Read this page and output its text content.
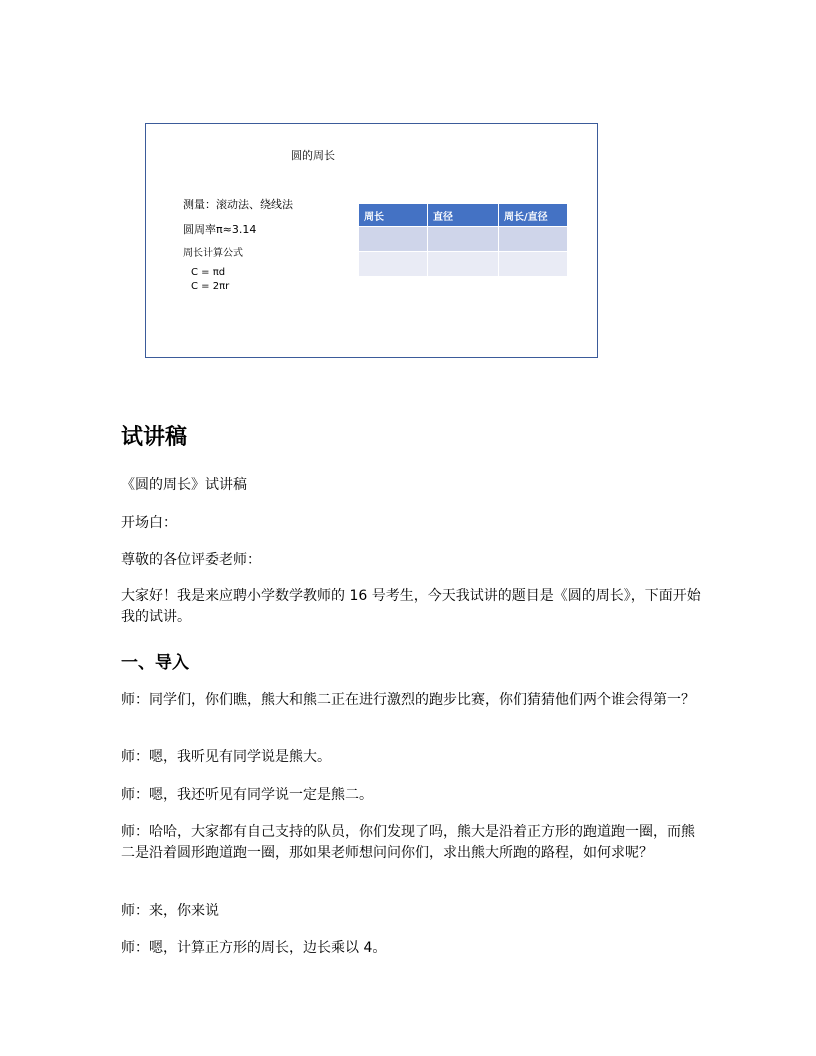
圆的周长
测量：滚动法、绕线法
圆周率π≈3.14
周长计算公式
C = πd
C = 2πr
周长	直径	周长/直径

试讲稿

《圆的周长》试讲稿

开场白：

尊敬的各位评委老师：

大家好！我是来应聘小学数学教师的 16 号考生，今天我试讲的题目是《圆的周长》，下面开始我的试讲。

一、导入

师：同学们，你们瞧，熊大和熊二正在进行激烈的跑步比赛，你们猜猜他们两个谁会得第一？

师：嗯，我听见有同学说是熊大。

师：嗯，我还听见有同学说一定是熊二。

师：哈哈，大家都有自己支持的队员，你们发现了吗，熊大是沿着正方形的跑道跑一圈，而熊二是沿着圆形跑道跑一圈，那如果老师想问问你们，求出熊大所跑的路程，如何求呢？

师：来，你来说

师：嗯，计算正方形的周长，边长乘以 4。
